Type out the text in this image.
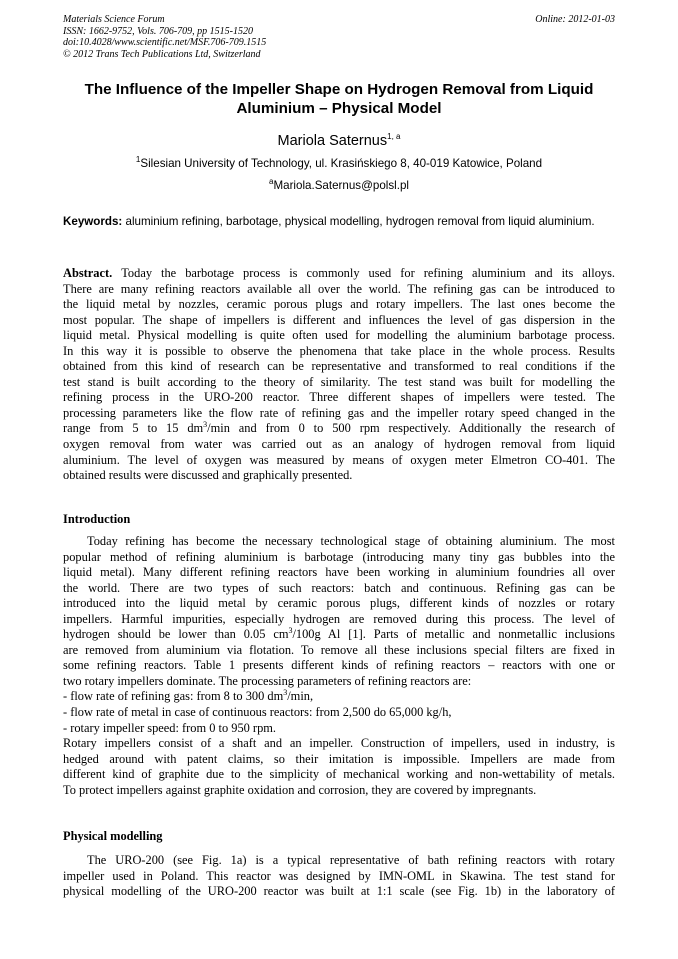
Materials Science Forum
ISSN: 1662-9752, Vols. 706-709, pp 1515-1520
doi:10.4028/www.scientific.net/MSF.706-709.1515
© 2012 Trans Tech Publications Ltd, Switzerland
Online: 2012-01-03
The Influence of the Impeller Shape on Hydrogen Removal from Liquid
Aluminium – Physical Model
Mariola Saternus$^{1, a}$
$^1$Silesian University of Technology, ul. Krasińskiego 8, 40-019 Katowice, Poland
$^a$Mariola.Saternus@polsl.pl
Keywords: aluminium refining, barbotage, physical modelling, hydrogen removal from liquid aluminium.
Abstract. Today the barbotage process is commonly used for refining aluminium and its alloys.
There are many refining reactors available all over the world. The refining gas can be introduced to
the liquid metal by nozzles, ceramic porous plugs and rotary impellers. The last ones become the
most popular. The shape of impellers is different and influences the level of gas dispersion in the
liquid metal. Physical modelling is quite often used for modelling the aluminium barbotage process.
In this way it is possible to observe the phenomena that take place in the whole process. Results
obtained from this kind of research can be representative and transformed to real conditions if the
test stand is built according to the theory of similarity. The test stand was built for modelling the
refining process in the URO-200 reactor. Three different shapes of impellers were tested. The
processing parameters like the flow rate of refining gas and the impeller rotary speed changed in the
range from 5 to 15 $dm^3/\min$ and from 0 to 500 rpm respectively. Additionally the research of
oxygen removal from water was carried out as an analogy of hydrogen removal from liquid
aluminium. The level of oxygen was measured by means of oxygen meter Elmetron CO-401. The
obtained results were discussed and graphically presented.
Introduction
Today refining has become the necessary technological stage of obtaining aluminium. The most
popular method of refining aluminium is barbotage (introducing many tiny gas bubbles into the
liquid metal). Many different refining reactors have been working in aluminium foundries all over
the world. There are two types of such reactors: batch and continuous. Refining gas can be
introduced into the liquid metal by ceramic porous plugs, different kinds of nozzles or rotary
impellers. Harmful impurities, especially hydrogen are removed during this process. The level of
hydrogen should be lower than 0.05 $cm^3/100g$ Al [1]. Parts of metallic and nonmetallic inclusions
are removed from aluminium via flotation. To remove all these inclusions special filters are fixed in
some refining reactors. Table 1 presents different kinds of refining reactors – reactors with one or
two rotary impellers dominate. The processing parameters of refining reactors are:
- flow rate of refining gas: from 8 to 300 $dm^3/\min$,
- flow rate of metal in case of continuous reactors: from 2,500 do 65,000 kg/h,
- rotary impeller speed: from 0 to 950 rpm.
Rotary impellers consist of a shaft and an impeller. Construction of impellers, used in industry, is
hedged around with patent claims, so their imitation is impossible. Impellers are made from
different kind of graphite due to the simplicity of mechanical working and non-wettability of metals.
To protect impellers against graphite oxidation and corrosion, they are covered by impregnants.
Physical modelling
The URO-200 (see Fig. 1a) is a typical representative of bath refining reactors with rotary
impeller used in Poland. This reactor was designed by IMN-OML in Skawina. The test stand for
physical modelling of the URO-200 reactor was built at 1:1 scale (see Fig. 1b) in the laboratory of
